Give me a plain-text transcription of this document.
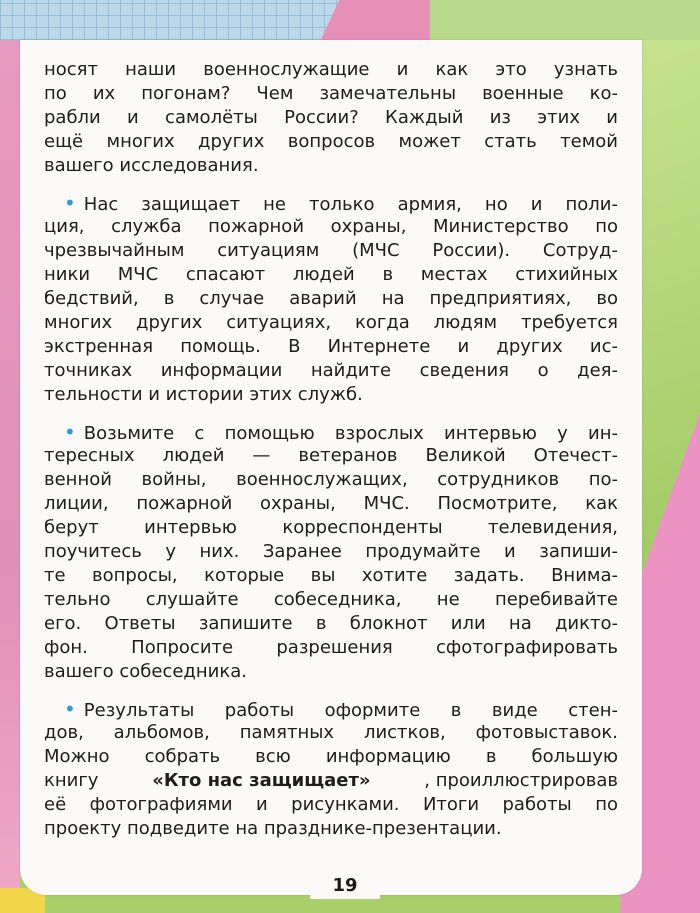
носят наши военнослужащие и как это узнать
по их погонам? Чем замечательны военные ко-
рабли и самолёты России? Каждый из этих и
ещё многих других вопросов может стать темой
вашего исследования.
• Нас защищает не только армия, но и поли-
ция, служба пожарной охраны, Министерство по
чрезвычайным ситуациям (МЧС России). Сотруд-
ники МЧС спасают людей в местах стихийных
бедствий, в случае аварий на предприятиях, во
многих других ситуациях, когда людям требуется
экстренная помощь. В Интернете и других ис-
точниках информации найдите сведения о дея-
тельности и истории этих служб.
• Возьмите с помощью взрослых интервью у ин-
тересных людей — ветеранов Великой Отечест-
венной войны, военнослужащих, сотрудников по-
лиции, пожарной охраны, МЧС. Посмотрите, как
берут интервью корреспонденты телевидения,
поучитесь у них. Заранее продумайте и запиши-
те вопросы, которые вы хотите задать. Внима-
тельно слушайте собеседника, не перебивайте
его. Ответы запишите в блокнот или на дикто-
фон. Попросите разрешения сфотографировать
вашего собеседника.
• Результаты работы оформите в виде стен-
дов, альбомов, памятных листков, фотовыставок.
Можно собрать всю информацию в большую
книгу	«Кто нас защищает»	, проиллюстрировав
её фотографиями и рисунками. Итоги работы по
проекту подведите на празднике-презентации.
19
